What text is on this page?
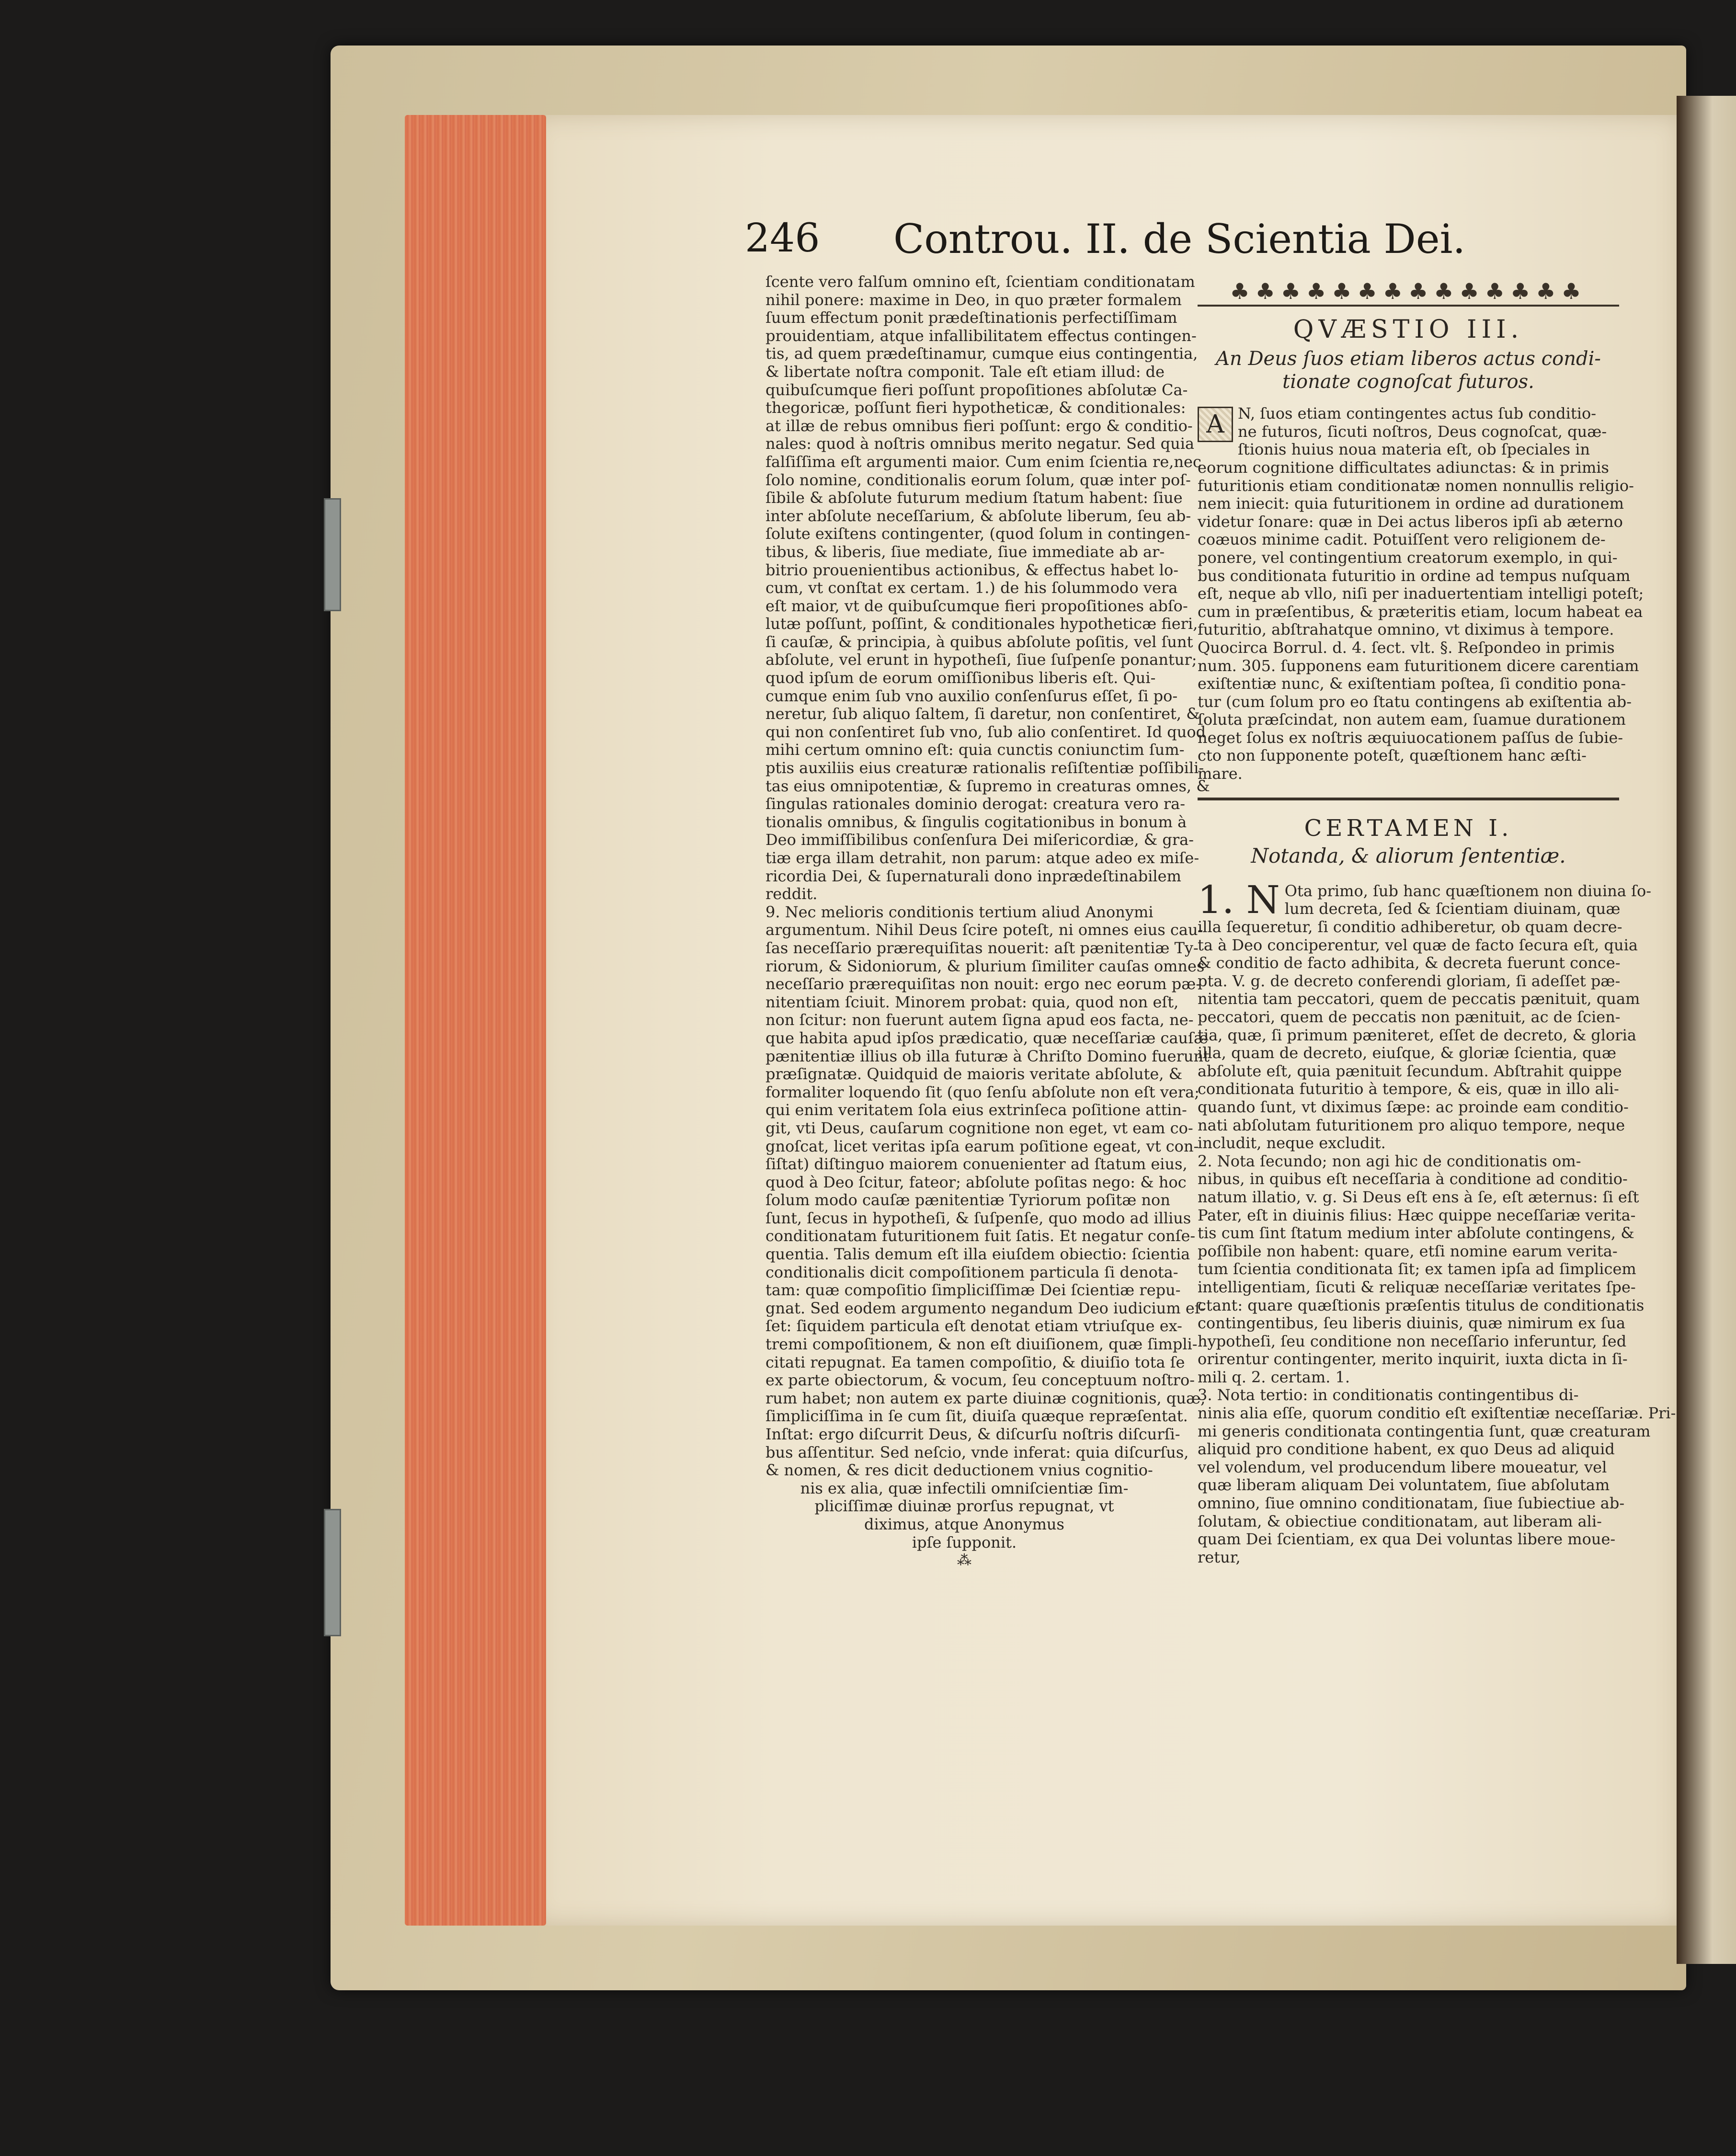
246 Controu. II. de Scientia Dei.
ſcente vero falſum omnino eſt, ſcientiam conditionatam
nihil ponere: maxime in Deo, in quo præter formalem
ſuum effectum ponit prædeſtinationis perfectiſſimam
prouidentiam, atque infallibilitatem effectus contingen-
tis, ad quem prædeſtinamur, cumque eius contingentia,
& libertate noſtra componit. Tale eſt etiam illud: de
quibuſcumque fieri poſſunt propoſitiones abſolutæ Ca-
thegoricæ, poſſunt fieri hypotheticæ, & conditionales:
at illæ de rebus omnibus fieri poſſunt: ergo & conditio-
nales: quod à noſtris omnibus merito negatur. Sed quia
falſiſſima eſt argumenti maior. Cum enim ſcientia re,nec
ſolo nomine, conditionalis eorum ſolum, quæ inter poſ-
ſibile & abſolute futurum medium ſtatum habent: ſiue
inter abſolute neceſſarium, & abſolute liberum, ſeu ab-
ſolute exiſtens contingenter, (quod ſolum in contingen-
tibus, & liberis, ſiue mediate, ſiue immediate ab ar-
bitrio prouenientibus actionibus, & effectus habet lo-
cum, vt conſtat ex certam. 1.) de his ſolummodo vera
eſt maior, vt de quibuſcumque fieri propoſitiones abſo-
lutæ poſſunt, poſſint, & conditionales hypotheticæ fieri,
ſi cauſæ, & principia, à quibus abſolute poſitis, vel ſunt
abſolute, vel erunt in hypotheſi, ſiue ſuſpenſe ponantur;
quod ipſum de eorum omiſſionibus liberis eſt. Qui-
cumque enim ſub vno auxilio conſenſurus eſſet, ſi po-
neretur, ſub aliquo ſaltem, ſi daretur, non conſentiret, &
qui non conſentiret ſub vno, ſub alio conſentiret. Id quod
mihi certum omnino eſt: quia cunctis coniunctim ſum-
ptis auxiliis eius creaturæ rationalis reſiſtentiæ poſſibili-
tas eius omnipotentiæ, & ſupremo in creaturas omnes, &
ſingulas rationales dominio derogat: creatura vero ra-
tionalis omnibus, & ſingulis cogitationibus in bonum à
Deo immiſſibilibus conſenſura Dei miſericordiæ, & gra-
tiæ erga illam detrahit, non parum: atque adeo ex miſe-
ricordia Dei, & ſupernaturali dono inprædeſtinabilem
reddit.
9. Nec melioris conditionis tertium aliud Anonymi
argumentum. Nihil Deus ſcire poteſt, ni omnes eius cau-
ſas neceſſario prærequiſitas nouerit: aſt pænitentiæ Ty-
riorum, & Sidoniorum, & plurium ſimiliter cauſas omnes
neceſſario prærequiſitas non nouit: ergo nec eorum pæ-
nitentiam ſciuit. Minorem probat: quia, quod non eſt,
non ſcitur: non fuerunt autem ſigna apud eos facta, ne-
que habita apud ipſos prædicatio, quæ neceſſariæ cauſæ
pænitentiæ illius ob illa futuræ à Chriſto Domino fuerunt
præſignatæ. Quidquid de maioris veritate abſolute, &
formaliter loquendo ſit (quo ſenſu abſolute non eſt vera;
qui enim veritatem ſola eius extrinſeca poſitione attin-
git, vti Deus, cauſarum cognitione non eget, vt eam co-
gnoſcat, licet veritas ipſa earum poſitione egeat, vt con-
ſiſtat) diſtinguo maiorem conuenienter ad ſtatum eius,
quod à Deo ſcitur, fateor; abſolute poſitas nego: & hoc
ſolum modo cauſæ pænitentiæ Tyriorum poſitæ non
ſunt, ſecus in hypotheſi, & ſuſpenſe, quo modo ad illius
conditionatam futuritionem fuit ſatis. Et negatur conſe-
quentia. Talis demum eſt illa eiuſdem obiectio: ſcientia
conditionalis dicit compoſitionem particula ſi denota-
tam: quæ compoſitio ſimpliciſſimæ Dei ſcientiæ repu-
gnat. Sed eodem argumento negandum Deo iudicium eſ-
ſet: ſiquidem particula eſt denotat etiam vtriuſque ex-
tremi compoſitionem, & non eſt diuiſionem, quæ ſimpli-
citati repugnat. Ea tamen compoſitio, & diuiſio tota ſe
ex parte obiectorum, & vocum, ſeu conceptuum noſtro-
rum habet; non autem ex parte diuinæ cognitionis, quæ,
ſimpliciſſima in ſe cum ſit, diuiſa quæque repræſentat.
Inſtat: ergo diſcurrit Deus, & diſcurſu noſtris diſcurſi-
bus aſſentitur. Sed neſcio, vnde inferat: quia diſcurſus,
& nomen, & res dicit deductionem vnius cognitio-
nis ex alia, quæ infectili omniſcientiæ ſim-
pliciſſimæ diuinæ prorſus repugnat, vt
diximus, atque Anonymus
ipſe ſupponit.
⁂
♣♣♣♣♣♣♣♣♣♣♣♣♣♣
QVÆSTIO III.
An Deus ſuos etiam liberos actus condi-
tionate cognoſcat futuros.
A N, ſuos etiam contingentes actus ſub conditio-
ne futuros, ſicuti noſtros, Deus cognoſcat, quæ-
ſtionis huius noua materia eſt, ob ſpeciales in
eorum cognitione difficultates adiunctas: & in primis
futuritionis etiam conditionatæ nomen nonnullis religio-
nem iniecit: quia futuritionem in ordine ad durationem
videtur ſonare: quæ in Dei actus liberos ipſi ab æterno
coæuos minime cadit. Potuiſſent vero religionem de-
ponere, vel contingentium creatorum exemplo, in qui-
bus conditionata futuritio in ordine ad tempus nuſquam
eſt, neque ab vllo, niſi per inaduertentiam intelligi poteſt;
cum in præſentibus, & præteritis etiam, locum habeat ea
futuritio, abſtrahatque omnino, vt diximus à tempore.
Quocirca Borrul. d. 4. ſect. vlt. §. Reſpondeo in primis
num. 305. ſupponens eam futuritionem dicere carentiam
exiſtentiæ nunc, & exiſtentiam poſtea, ſi conditio pona-
tur (cum ſolum pro eo ſtatu contingens ab exiſtentia ab-
ſoluta præſcindat, non autem eam, ſuamue durationem
neget ſolus ex noſtris æquiuocationem paſſus de ſubie-
cto non ſupponente poteſt, quæſtionem hanc æſti-
mare.
CERTAMEN I.
Notanda, & aliorum ſententiæ.
1. N Ota primo, ſub hanc quæſtionem non diuina ſo-
lum decreta, ſed & ſcientiam diuinam, quæ
illa ſequeretur, ſi conditio adhiberetur, ob quam decre-
ta à Deo conciperentur, vel quæ de facto ſecura eſt, quia
& conditio de facto adhibita, & decreta fuerunt conce-
pta. V. g. de decreto conferendi gloriam, ſi adeſſet pæ-
nitentia tam peccatori, quem de peccatis pænituit, quam
peccatori, quem de peccatis non pænituit, ac de ſcien-
tia, quæ, ſi primum pæniteret, eſſet de decreto, & gloria
illa, quam de decreto, eiuſque, & gloriæ ſcientia, quæ
abſolute eſt, quia pænituit ſecundum. Abſtrahit quippe
conditionata futuritio à tempore, & eis, quæ in illo ali-
quando ſunt, vt diximus ſæpe: ac proinde eam conditio-
nati abſolutam futuritionem pro aliquo tempore, neque
includit, neque excludit.
2. Nota ſecundo; non agi hic de conditionatis om-
nibus, in quibus eſt neceſſaria à conditione ad conditio-
natum illatio, v. g. Si Deus eſt ens à ſe, eſt æternus: ſi eſt
Pater, eſt in diuinis filius: Hæc quippe neceſſariæ verita-
tis cum ſint ſtatum medium inter abſolute contingens, &
poſſibile non habent: quare, etſi nomine earum verita-
tum ſcientia conditionata ſit; ex tamen ipſa ad ſimplicem
intelligentiam, ſicuti & reliquæ neceſſariæ veritates ſpe-
ctant: quare quæſtionis præſentis titulus de conditionatis
contingentibus, ſeu liberis diuinis, quæ nimirum ex ſua
hypotheſi, ſeu conditione non neceſſario inferuntur, ſed
orirentur contingenter, merito inquirit, iuxta dicta in ſi-
mili q. 2. certam. 1.
3. Nota tertio: in conditionatis contingentibus di-
ninis alia eſſe, quorum conditio eſt exiſtentiæ neceſſariæ. Pri-
mi generis conditionata contingentia ſunt, quæ creaturam
aliquid pro conditione habent, ex quo Deus ad aliquid
vel volendum, vel producendum libere moueatur, vel
quæ liberam aliquam Dei voluntatem, ſiue abſolutam
omnino, ſiue omnino conditionatam, ſiue ſubiectiue ab-
ſolutam, & obiectiue conditionatam, aut liberam ali-
quam Dei ſcientiam, ex qua Dei voluntas libere moue-
retur,
